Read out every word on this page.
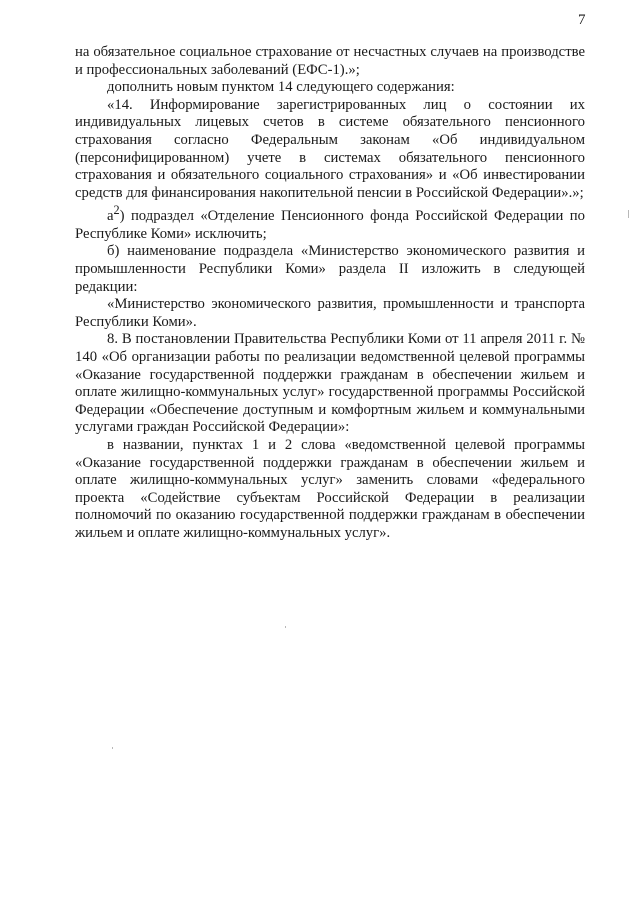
7

на обязательное социальное страхование от несчастных случаев на производстве и профессиональных заболеваний (ЕФС-1).»;

дополнить новым пунктом 14 следующего содержания:

«14. Информирование зарегистрированных лиц о состоянии их индивидуальных лицевых счетов в системе обязательного пенсионного страхования согласно Федеральным законам «Об индивидуальном (персонифицированном) учете в системах обязательного пенсионного страхования и обязательного социального страхования» и «Об инвестировании средств для финансирования накопительной пенсии в Российской Федерации».»;

$а^2$) подраздел «Отделение Пенсионного фонда Российской Федерации по Республике Коми» исключить;

б) наименование подраздела «Министерство экономического развития и промышленности Республики Коми» раздела II изложить в следующей редакции:

«Министерство экономического развития, промышленности и транспорта Республики Коми».

8. В постановлении Правительства Республики Коми от 11 апреля 2011 г. № 140 «Об организации работы по реализации ведомственной целевой программы «Оказание государственной поддержки гражданам в обеспечении жильем и оплате жилищно-коммунальных услуг» государственной программы Российской Федерации «Обеспечение доступным и комфортным жильем и коммунальными услугами граждан Российской Федерации»:

в названии, пунктах 1 и 2 слова «ведомственной целевой программы «Оказание государственной поддержки гражданам в обеспечении жильем и оплате жилищно-коммунальных услуг» заменить словами «федерального проекта «Содействие субъектам Российской Федерации в реализации полномочий по оказанию государственной поддержки гражданам в обеспечении жильем и оплате жилищно-коммунальных услуг».
